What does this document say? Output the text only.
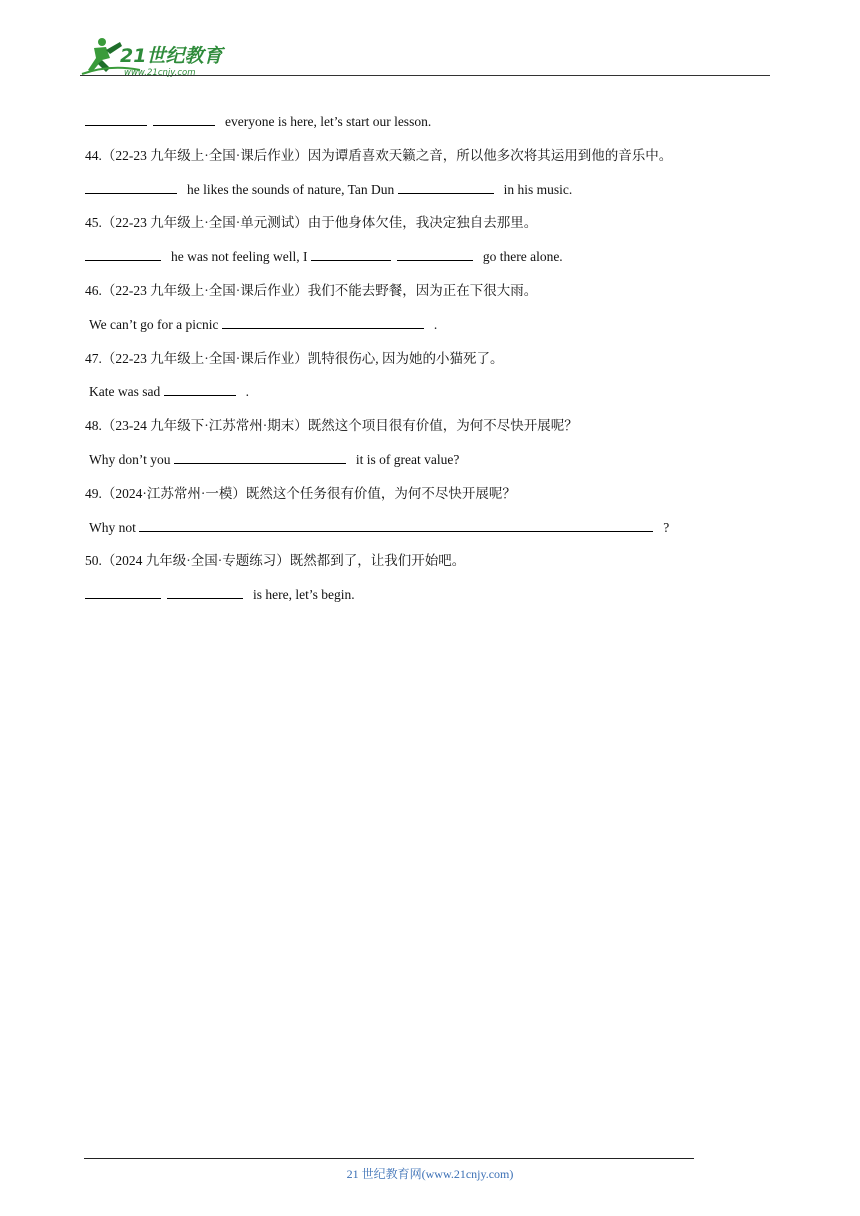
21世纪教育
www.21cnjy.com
everyone is here, let’s start our lesson.
44.（22-23 九年级上·全国·课后作业）因为谭盾喜欢天籁之音，所以他多次将其运用到他的音乐中。
he likes the sounds of nature, Tan Dun	in his music.
45.（22-23 九年级上·全国·单元测试）由于他身体欠佳，我决定独自去那里。
he was not feeling well, I	go there alone.
46.（22-23 九年级上·全国·课后作业）我们不能去野餐，因为正在下很大雨。
We can’t go for a picnic	.
47.（22-23 九年级上·全国·课后作业）凯特很伤心, 因为她的小猫死了。
Kate was sad	.
48.（23-24 九年级下·江苏常州·期末）既然这个项目很有价值，为何不尽快开展呢？
Why don’t you	it is of great value?
49.（2024·江苏常州·一模）既然这个任务很有价值，为何不尽快开展呢？
Why not	?
50.（2024 九年级·全国·专题练习）既然都到了，让我们开始吧。
is here, let’s begin.
21 世纪教育网(www.21cnjy.com)
